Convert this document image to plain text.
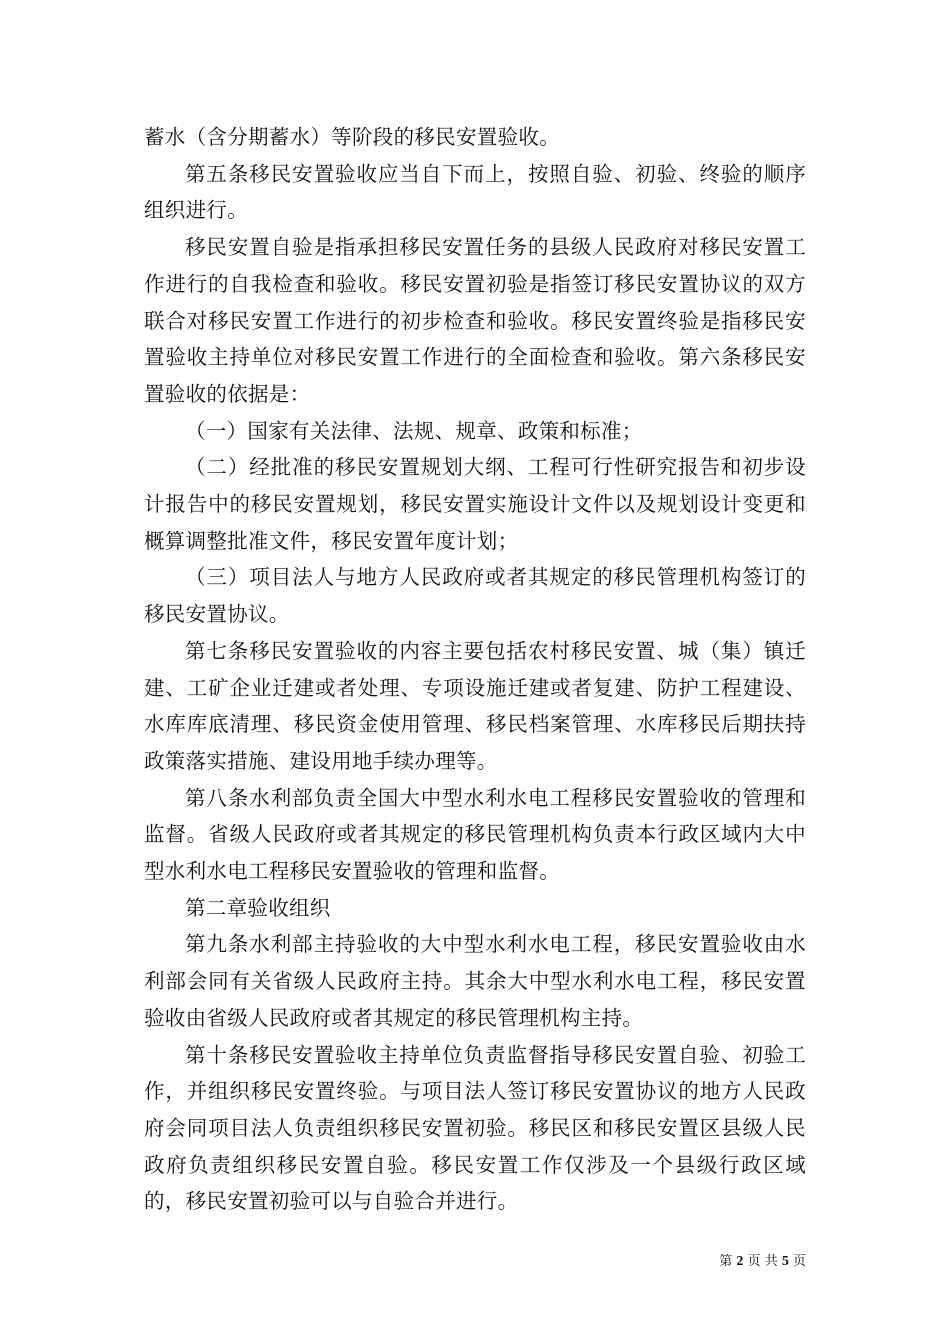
蓄水（含分期蓄水）等阶段的移民安置验收。

第五条移民安置验收应当自下而上，按照自验、初验、终验的顺序组织进行。

移民安置自验是指承担移民安置任务的县级人民政府对移民安置工作进行的自我检查和验收。移民安置初验是指签订移民安置协议的双方联合对移民安置工作进行的初步检查和验收。移民安置终验是指移民安置验收主持单位对移民安置工作进行的全面检查和验收。第六条移民安置验收的依据是：

（一）国家有关法律、法规、规章、政策和标准；

（二）经批准的移民安置规划大纲、工程可行性研究报告和初步设计报告中的移民安置规划，移民安置实施设计文件以及规划设计变更和概算调整批准文件，移民安置年度计划；

（三）项目法人与地方人民政府或者其规定的移民管理机构签订的移民安置协议。

第七条移民安置验收的内容主要包括农村移民安置、城（集）镇迁建、工矿企业迁建或者处理、专项设施迁建或者复建、防护工程建设、水库库底清理、移民资金使用管理、移民档案管理、水库移民后期扶持政策落实措施、建设用地手续办理等。

第八条水利部负责全国大中型水利水电工程移民安置验收的管理和监督。省级人民政府或者其规定的移民管理机构负责本行政区域内大中型水利水电工程移民安置验收的管理和监督。

第二章验收组织

第九条水利部主持验收的大中型水利水电工程，移民安置验收由水利部会同有关省级人民政府主持。其余大中型水利水电工程，移民安置验收由省级人民政府或者其规定的移民管理机构主持。

第十条移民安置验收主持单位负责监督指导移民安置自验、初验工作，并组织移民安置终验。与项目法人签订移民安置协议的地方人民政府会同项目法人负责组织移民安置初验。移民区和移民安置区县级人民政府负责组织移民安置自验。移民安置工作仅涉及一个县级行政区域的，移民安置初验可以与自验合并进行。

第 2 页 共 5 页
